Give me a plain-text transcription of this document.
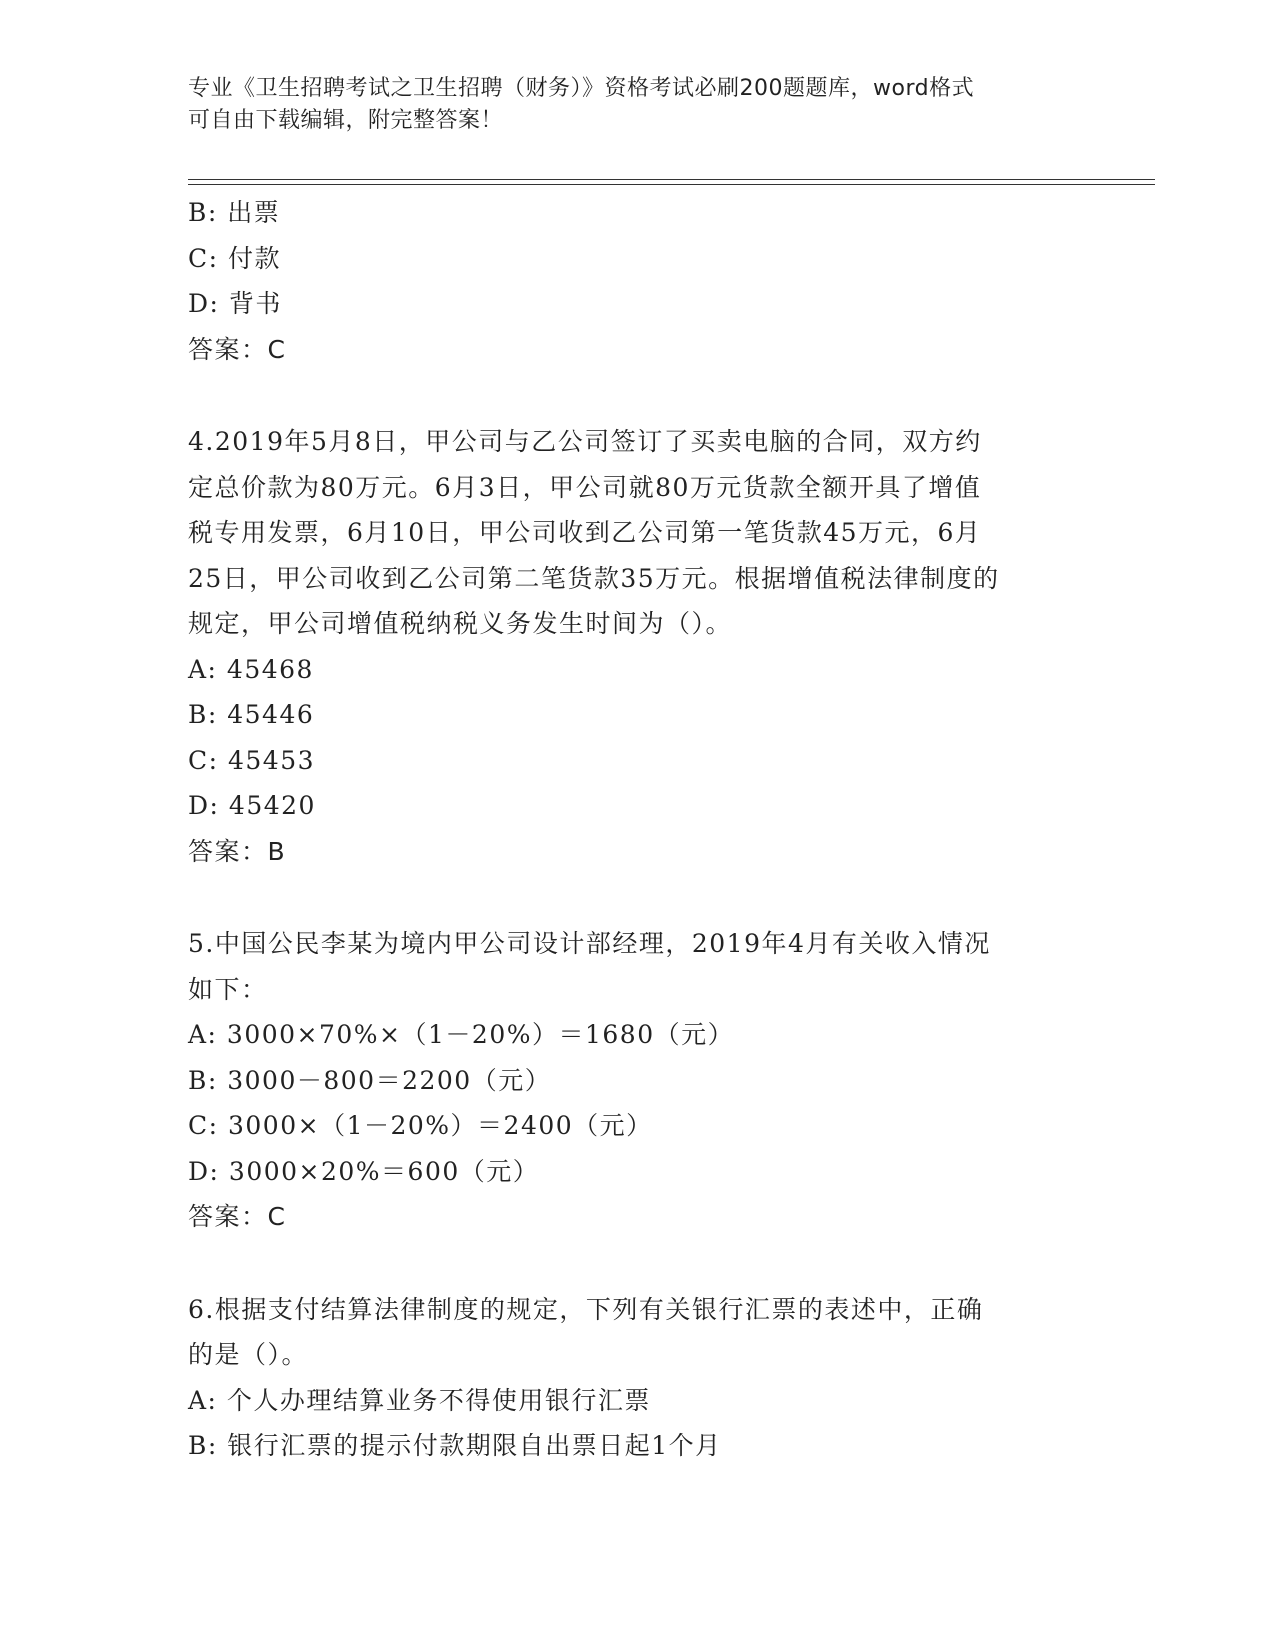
专业《卫生招聘考试之卫生招聘（财务）》资格考试必刷200题题库，word格式
可自由下载编辑，附完整答案！
B: 出票
C: 付款
D: 背书
答案：C
4.2019年5月8日，甲公司与乙公司签订了买卖电脑的合同，双方约
定总价款为80万元。6月3日，甲公司就80万元货款全额开具了增值
税专用发票，6月10日，甲公司收到乙公司第一笔货款45万元，6月
25日，甲公司收到乙公司第二笔货款35万元。根据增值税法律制度的
规定，甲公司增值税纳税义务发生时间为（）。
A: 45468
B: 45446
C: 45453
D: 45420
答案：B
5.中国公民李某为境内甲公司设计部经理，2019年4月有关收入情况
如下：
A: 3000×70%×（1－20%）＝1680（元）
B: 3000－800＝2200（元）
C: 3000×（1－20%）＝2400（元）
D: 3000×20%＝600（元）
答案：C
6.根据支付结算法律制度的规定，下列有关银行汇票的表述中，正确
的是（）。
A: 个人办理结算业务不得使用银行汇票
B: 银行汇票的提示付款期限自出票日起1个月
